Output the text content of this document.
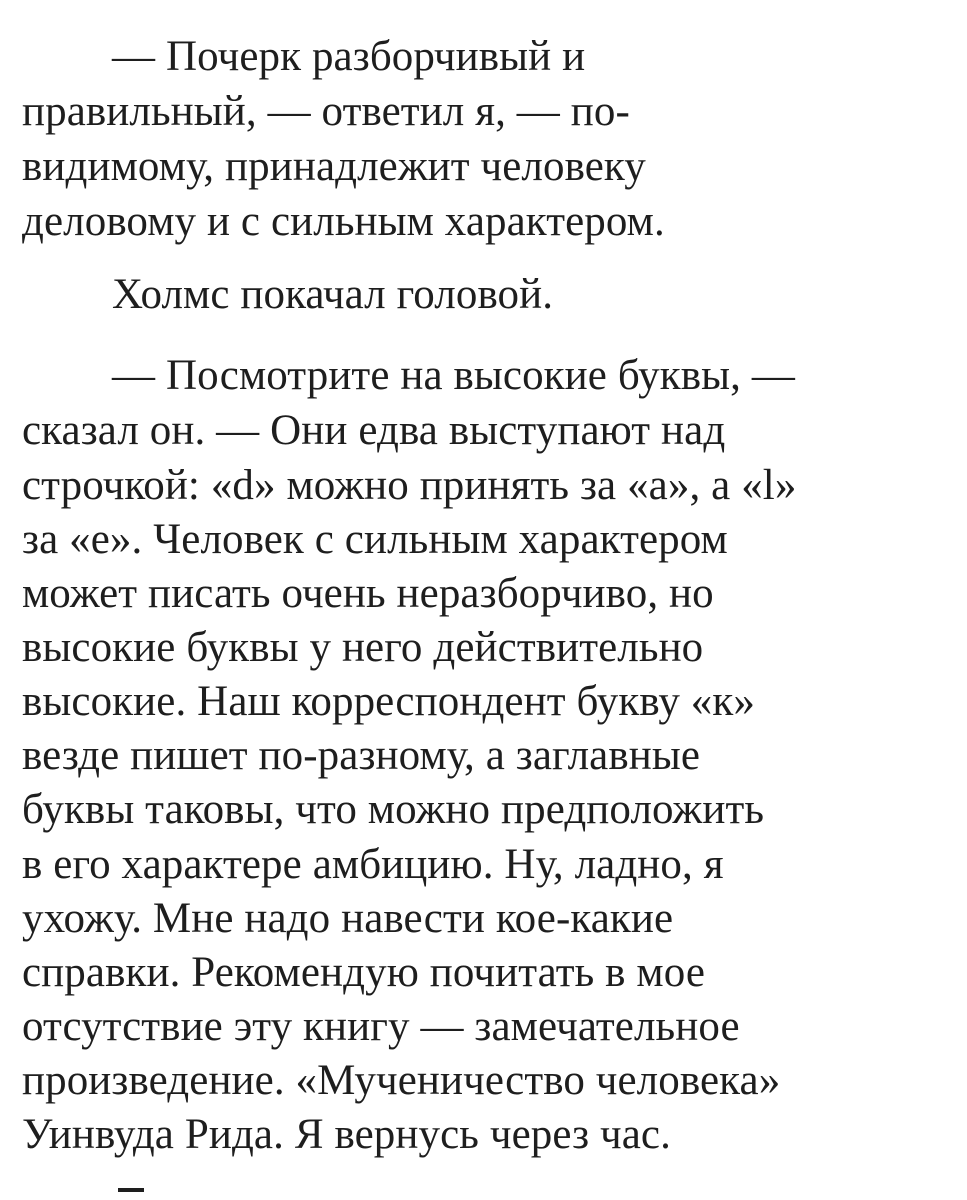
— Почерк разборчивый и

правильный, — ответил я, — по-

видимому, принадлежит человеку

деловому и с сильным характером.

Холмс покачал головой.

— Посмотрите на высокие буквы, —

сказал он. — Они едва выступают над

строчкой: «d» можно принять за «а», а «l»

за «е». Человек с сильным характером

может писать очень неразборчиво, но

высокие буквы у него действительно

высокие. Наш корреспондент букву «к»

везде пишет по-разному, а заглавные

буквы таковы, что можно предположить

в его характере амбицию. Ну, ладно, я

ухожу. Мне надо навести кое-какие

справки. Рекомендую почитать в мое

отсутствие эту книгу — замечательное

произведение. «Мученичество человека»

Уинвуда Рида. Я вернусь через час.
